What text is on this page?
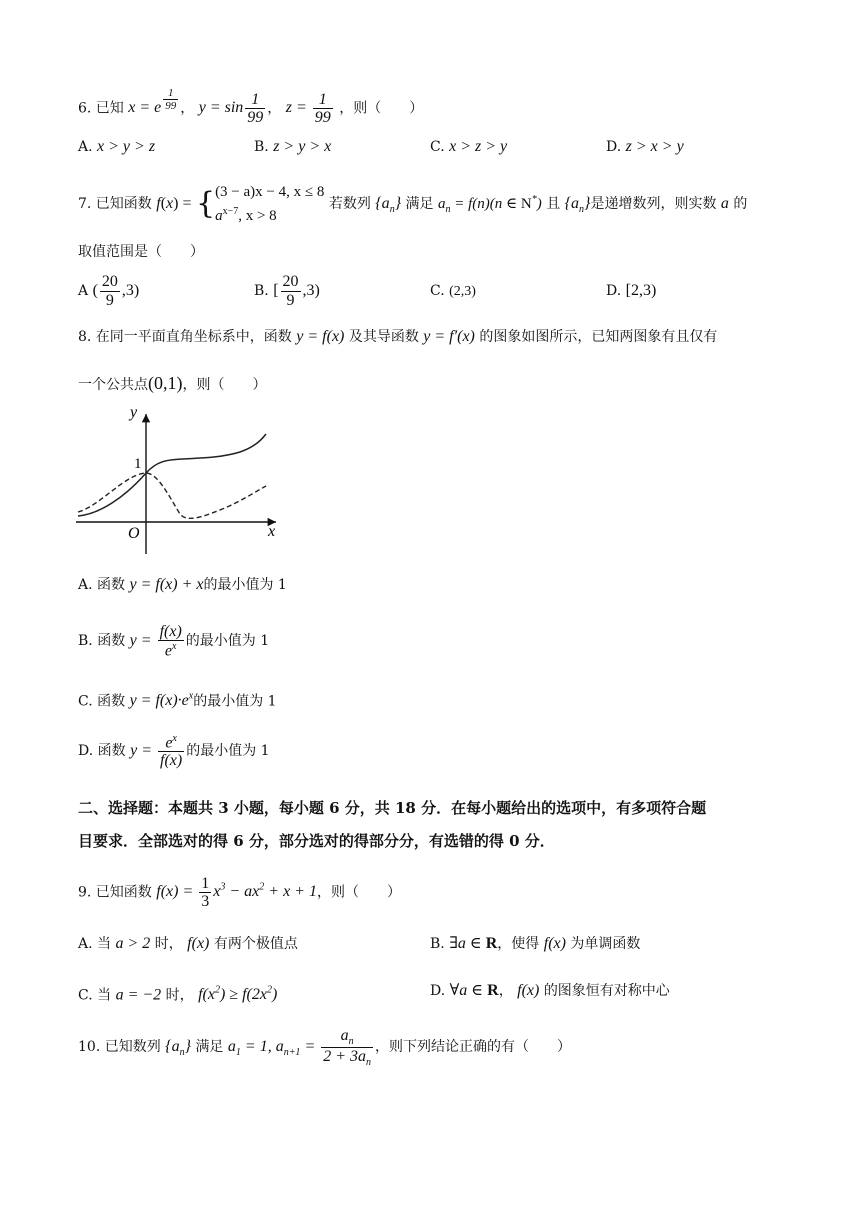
6. 已知 x = e $^{\frac{1}{99}}$ ， $y = \sin \frac{1}{99}$ ， $z = \frac{1}{99}$ ，则（　　）
A. x > y > z	B. z > y > x	C. x > z > y	D. z > x > y
7. 已知函数 f(x) = { (3 − a)x − 4, x ≤ 8
$a^{x-7}$, x > 8
若数列 $\{a_n\}$ 满足 $a_n = f(n)(n$ ∈ N*) 且 $\{a_n\}$是递增数列，则实数 a 的
取值范围是（　　）
A ( $\frac{20}{9} ,3$)	B. [ $\frac{20}{9} ,3$)	C. (2,3)	D. [2,3)
8. 在同一平面直角坐标系中，函数 y = f(x) 及其导函数 y = f′(x) 的图象如图所示，已知两图象有且仅有
一个公共点(0,1)，则（　　）
y
x
O
1
A. 函数 y = f(x) + x的最小值为 1
B. 函数 $y = \frac{f(x)}{e^x}$ 的最小值为 1
C. 函数 $y = f(x)\cdot e^x$的最小值为 1
D. 函数 $y = \frac{e^x}{f(x)}$ 的最小值为 1
二、选择题：本题共 3 小题，每小题 6 分，共 18 分．在每小题给出的选项中，有多项符合题
目要求．全部选对的得 6 分，部分选对的得部分分，有选错的得 0 分．
9. 已知函数 $f(x) = \frac{1}{3} x^3 - ax^2 + x + 1$，则（　　）
A. 当 a > 2 时， f(x) 有两个极值点	B. ∃a ∈ R，使得 f(x) 为单调函数
C. 当 a = −2 时， $f(x^2) \ge f(2x^2)$	D. ∀a ∈ R， f(x) 的图象恒有对称中心
10. 已知数列 $\{a_n\}$ 满足 $a_1 = 1$, $a_{n+1} = \frac{a_n}{2 + 3a_n}$ ，则下列结论正确的有（　　）
